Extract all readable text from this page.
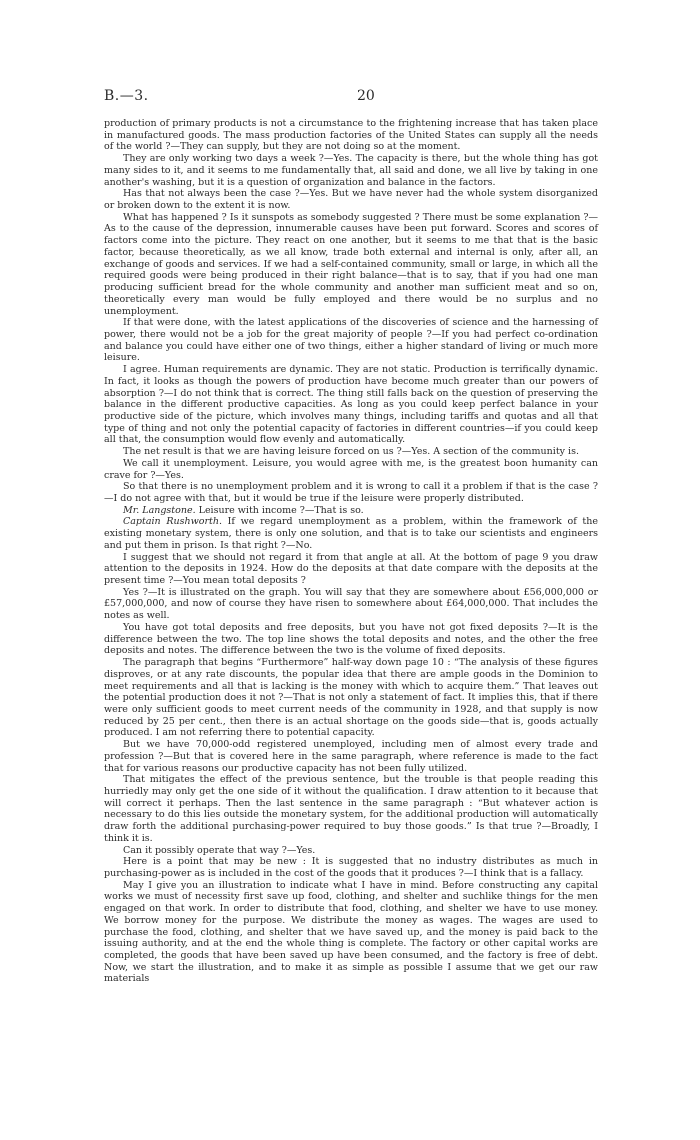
B.—3.	20

production of primary products is not a circumstance to the frightening increase that has taken place in manufactured goods. The mass production factories of the United States can supply all the needs of the world ?—They can supply, but they are not doing so at the moment.

They are only working two days a week ?—Yes. The capacity is there, but the whole thing has got many sides to it, and it seems to me fundamentally that, all said and done, we all live by taking in one another's washing, but it is a question of organization and balance in the factors.

Has that not always been the case ?—Yes. But we have never had the whole system disorganized or broken down to the extent it is now.

What has happened ? Is it sunspots as somebody suggested ? There must be some explanation ?—As to the cause of the depression, innumerable causes have been put forward. Scores and scores of factors come into the picture. They react on one another, but it seems to me that that is the basic factor, because theoretically, as we all know, trade both external and internal is only, after all, an exchange of goods and services. If we had a self-contained community, small or large, in which all the required goods were being produced in their right balance—that is to say, that if you had one man producing sufficient bread for the whole community and another man sufficient meat and so on, theoretically every man would be fully employed and there would be no surplus and no unemployment.

If that were done, with the latest applications of the discoveries of science and the harnessing of power, there would not be a job for the great majority of people ?—If you had perfect co-ordination and balance you could have either one of two things, either a higher standard of living or much more leisure.

I agree. Human requirements are dynamic. They are not static. Production is terrifically dynamic. In fact, it looks as though the powers of production have become much greater than our powers of absorption ?—I do not think that is correct. The thing still falls back on the question of preserving the balance in the different productive capacities. As long as you could keep perfect balance in your productive side of the picture, which involves many things, including tariffs and quotas and all that type of thing and not only the potential capacity of factories in different countries—if you could keep all that, the consumption would flow evenly and automatically.

The net result is that we are having leisure forced on us ?—Yes. A section of the community is.

We call it unemployment. Leisure, you would agree with me, is the greatest boon humanity can crave for ?—Yes.

So that there is no unemployment problem and it is wrong to call it a problem if that is the case ?—I do not agree with that, but it would be true if the leisure were properly distributed.

Mr. Langstone. Leisure with income ?—That is so.

Captain Rushworth. If we regard unemployment as a problem, within the framework of the existing monetary system, there is only one solution, and that is to take our scientists and engineers and put them in prison. Is that right ?—No.

I suggest that we should not regard it from that angle at all. At the bottom of page 9 you draw attention to the deposits in 1924. How do the deposits at that date compare with the deposits at the present time ?—You mean total deposits ?

Yes ?—It is illustrated on the graph. You will say that they are somewhere about £56,000,000 or £57,000,000, and now of course they have risen to somewhere about £64,000,000. That includes the notes as well.

You have got total deposits and free deposits, but you have not got fixed deposits ?—It is the difference between the two. The top line shows the total deposits and notes, and the other the free deposits and notes. The difference between the two is the volume of fixed deposits.

The paragraph that begins “Furthermore” half-way down page 10 : “The analysis of these figures disproves, or at any rate discounts, the popular idea that there are ample goods in the Dominion to meet requirements and all that is lacking is the money with which to acquire them.” That leaves out the potential production does it not ?—That is not only a statement of fact. It implies this, that if there were only sufficient goods to meet current needs of the community in 1928, and that supply is now reduced by 25 per cent., then there is an actual shortage on the goods side—that is, goods actually produced. I am not referring there to potential capacity.

But we have 70,000-odd registered unemployed, including men of almost every trade and profession ?—But that is covered here in the same paragraph, where reference is made to the fact that for various reasons our productive capacity has not been fully utilized.

That mitigates the effect of the previous sentence, but the trouble is that people reading this hurriedly may only get the one side of it without the qualification. I draw attention to it because that will correct it perhaps. Then the last sentence in the same paragraph : “But whatever action is necessary to do this lies outside the monetary system, for the additional production will automatically draw forth the additional purchasing-power required to buy those goods.” Is that true ?—Broadly, I think it is.

Can it possibly operate that way ?—Yes.

Here is a point that may be new : It is suggested that no industry distributes as much in purchasing-power as is included in the cost of the goods that it produces ?—I think that is a fallacy.

May I give you an illustration to indicate what I have in mind. Before constructing any capital works we must of necessity first save up food, clothing, and shelter and suchlike things for the men engaged on that work. In order to distribute that food, clothing, and shelter we have to use money. We borrow money for the purpose. We distribute the money as wages. The wages are used to purchase the food, clothing, and shelter that we have saved up, and the money is paid back to the issuing authority, and at the end the whole thing is complete. The factory or other capital works are completed, the goods that have been saved up have been consumed, and the factory is free of debt. Now, we start the illustration, and to make it as simple as possible I assume that we get our raw materials
